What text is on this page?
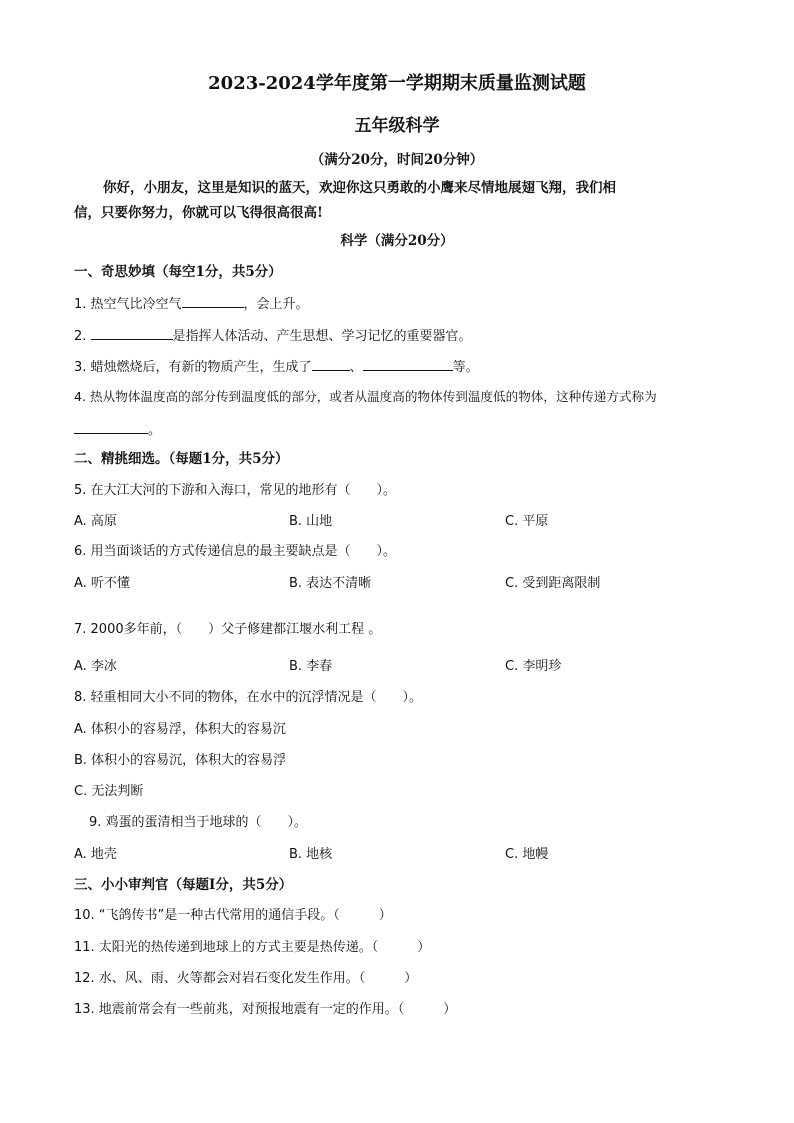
2023-2024学年度第一学期期末质量监测试题
五年级科学
（满分20分，时间20分钟）
你好，小朋友，这里是知识的蓝天，欢迎你这只勇敢的小鹰来尽情地展翅飞翔，我们相
信，只要你努力，你就可以飞得很高很高!
科学（满分20分）
一、奇思妙填（每空1分，共5分）
1. 热空气比冷空气	，会上升。
2.	是指挥人体活动、产生思想、学习记忆的重要器官。
3. 蜡烛燃烧后，有新的物质产生，生成了	、	等。
4. 热从物体温度高的部分传到温度低的部分，或者从温度高的物体传到温度低的物体，这种传递方式称为
。
二、精挑细选。（每题1分，共5分）
5. 在大江大河的下游和入海口，常见的地形有（　　）。
A. 高原	B. 山地	C. 平原
6. 用当面谈话的方式传递信息的最主要缺点是（　　）。
A. 听不懂	B. 表达不清晰	C. 受到距离限制
7. 2000多年前，（　　）父子修建都江堰水利工程 。
A. 李冰	B. 李春	C. 李明珍
8. 轻重相同大小不同的物体，在水中的沉浮情况是（　　）。
A. 体积小的容易浮，体积大的容易沉
B. 体积小的容易沉，体积大的容易浮
C. 无法判断
9. 鸡蛋的蛋清相当于地球的（　　）。
A. 地壳	B. 地核	C. 地幔
三、小小审判官（每题Ⅰ分，共5分）
10. “飞鸽传书”是一种古代常用的通信手段。（　　　）
11. 太阳光的热传递到地球上的方式主要是热传递。（　　　）
12. 水、风、雨、火等都会对岩石变化发生作用。（　　　）
13. 地震前常会有一些前兆，对预报地震有一定的作用。（　　　）
